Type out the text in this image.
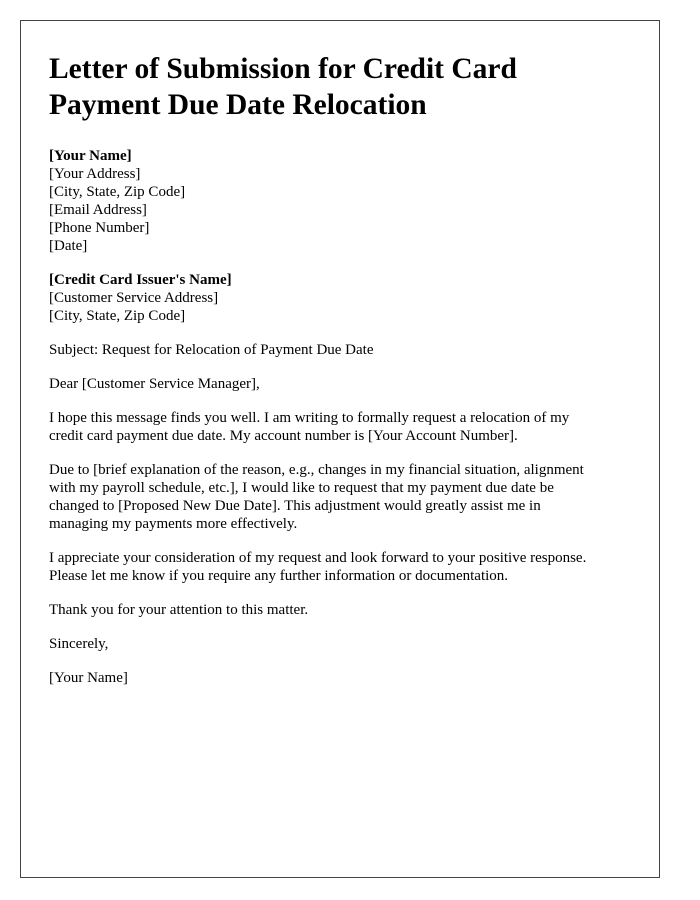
Letter of Submission for Credit Card
Payment Due Date Relocation
[Your Name]
[Your Address]
[City, State, Zip Code]
[Email Address]
[Phone Number]
[Date]
[Credit Card Issuer's Name]
[Customer Service Address]
[City, State, Zip Code]
Subject: Request for Relocation of Payment Due Date
Dear [Customer Service Manager],
I hope this message finds you well. I am writing to formally request a relocation of my
credit card payment due date. My account number is [Your Account Number].
Due to [brief explanation of the reason, e.g., changes in my financial situation, alignment
with my payroll schedule, etc.], I would like to request that my payment due date be
changed to [Proposed New Due Date]. This adjustment would greatly assist me in
managing my payments more effectively.
I appreciate your consideration of my request and look forward to your positive response.
Please let me know if you require any further information or documentation.
Thank you for your attention to this matter.
Sincerely,
[Your Name]
